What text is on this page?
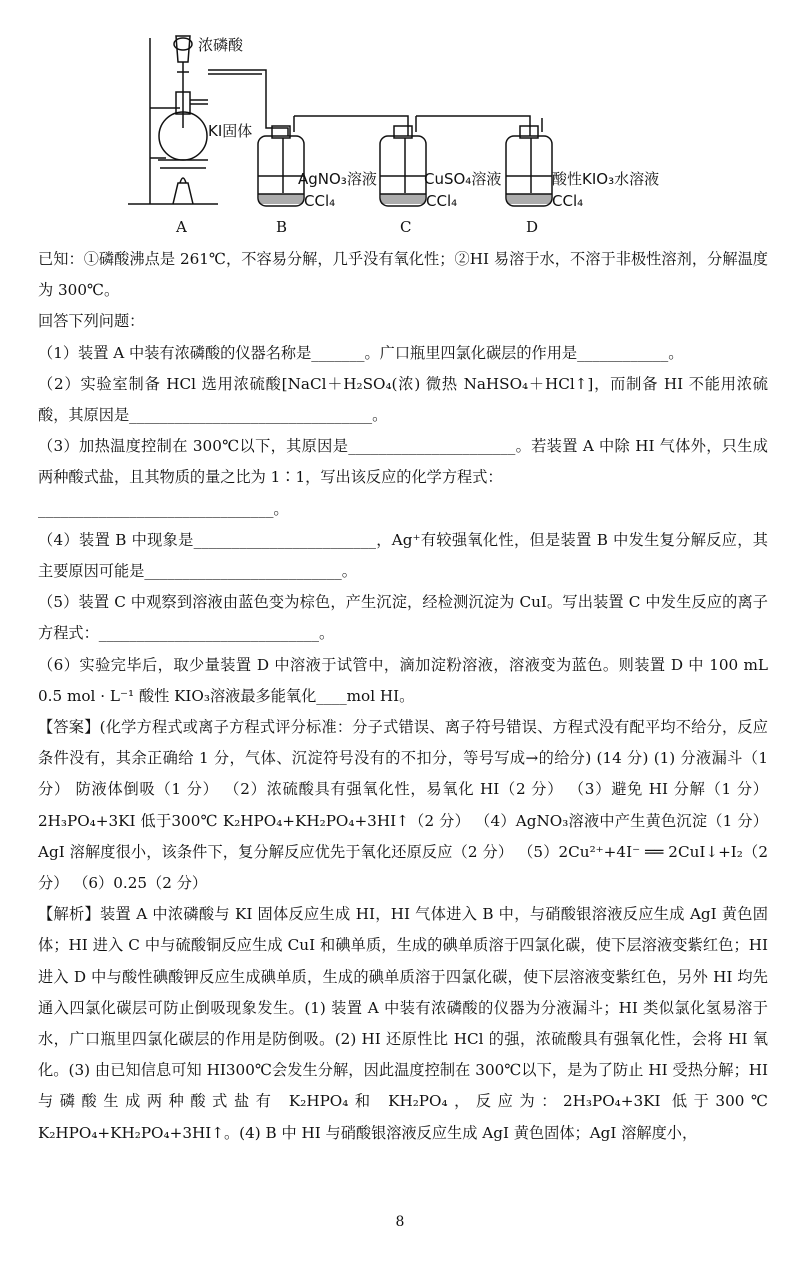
浓磷酸
KI固体
AgNO₃溶液
CCl₄
CuSO₄溶液
CCl₄
酸性KIO₃水溶液
CCl₄
A	B	C	D

已知：①磷酸沸点是 261℃，不容易分解，几乎没有氧化性；②HI 易溶于水，不溶于非极性溶剂，分解温度为 300℃。

回答下列问题：

（1）装置 A 中装有浓磷酸的仪器名称是_______。广口瓶里四氯化碳层的作用是____________。

（2）实验室制备 HCl 选用浓硫酸[NaCl＋H₂SO₄(浓) 微热 NaHSO₄＋HCl↑]，而制备 HI 不能用浓硫酸，其原因是________________________________。

（3）加热温度控制在 300℃以下，其原因是______________________。若装置 A 中除 HI 气体外，只生成两种酸式盐，且其物质的量之比为 1∶1，写出该反应的化学方程式：

_______________________________。

（4）装置 B 中现象是________________________，Ag⁺有较强氧化性，但是装置 B 中发生复分解反应，其主要原因可能是__________________________。

（5）装置 C 中观察到溶液由蓝色变为棕色，产生沉淀，经检测沉淀为 CuI。写出装置 C 中发生反应的离子方程式：_____________________________。

（6）实验完毕后，取少量装置 D 中溶液于试管中，滴加淀粉溶液，溶液变为蓝色。则装置 D 中 100 mL 0.5 mol · L⁻¹ 酸性 KIO₃溶液最多能氧化____mol HI。

【答案】(化学方程式或离子方程式评分标准：分子式错误、离子符号错误、方程式没有配平均不给分，反应条件没有，其余正确给 1 分，气体、沉淀符号没有的不扣分，等号写成→的给分) (14 分) (1) 分液漏斗（1 分） 防液体倒吸（1 分） （2）浓硫酸具有强氧化性，易氧化 HI（2 分） （3）避免 HI 分解（1 分） 2H₃PO₄+3KI 低于300℃ K₂HPO₄+KH₂PO₄+3HI↑（2 分） （4）AgNO₃溶液中产生黄色沉淀（1 分） AgI 溶解度很小，该条件下，复分解反应优先于氧化还原反应（2 分） （5）2Cu²⁺+4I⁻ ══ 2CuI↓+I₂（2 分） （6）0.25（2 分）

【解析】装置 A 中浓磷酸与 KI 固体反应生成 HI，HI 气体进入 B 中，与硝酸银溶液反应生成 AgI 黄色固体；HI 进入 C 中与硫酸铜反应生成 CuI 和碘单质，生成的碘单质溶于四氯化碳，使下层溶液变紫红色；HI 进入 D 中与酸性碘酸钾反应生成碘单质，生成的碘单质溶于四氯化碳，使下层溶液变紫红色，另外 HI 均先通入四氯化碳层可防止倒吸现象发生。(1) 装置 A 中装有浓磷酸的仪器为分液漏斗；HI 类似氯化氢易溶于水，广口瓶里四氯化碳层的作用是防倒吸。(2) HI 还原性比 HCl 的强，浓硫酸具有强氧化性，会将 HI 氧化。(3) 由已知信息可知 HI300℃会发生分解，因此温度控制在 300℃以下，是为了防止 HI 受热分解；HI 与磷酸生成两种酸式盐有 K₂HPO₄和 KH₂PO₄，反应为：2H₃PO₄+3KI 低于300℃ K₂HPO₄+KH₂PO₄+3HI↑。(4) B 中 HI 与硝酸银溶液反应生成 AgI 黄色固体；AgI 溶解度小，

8
